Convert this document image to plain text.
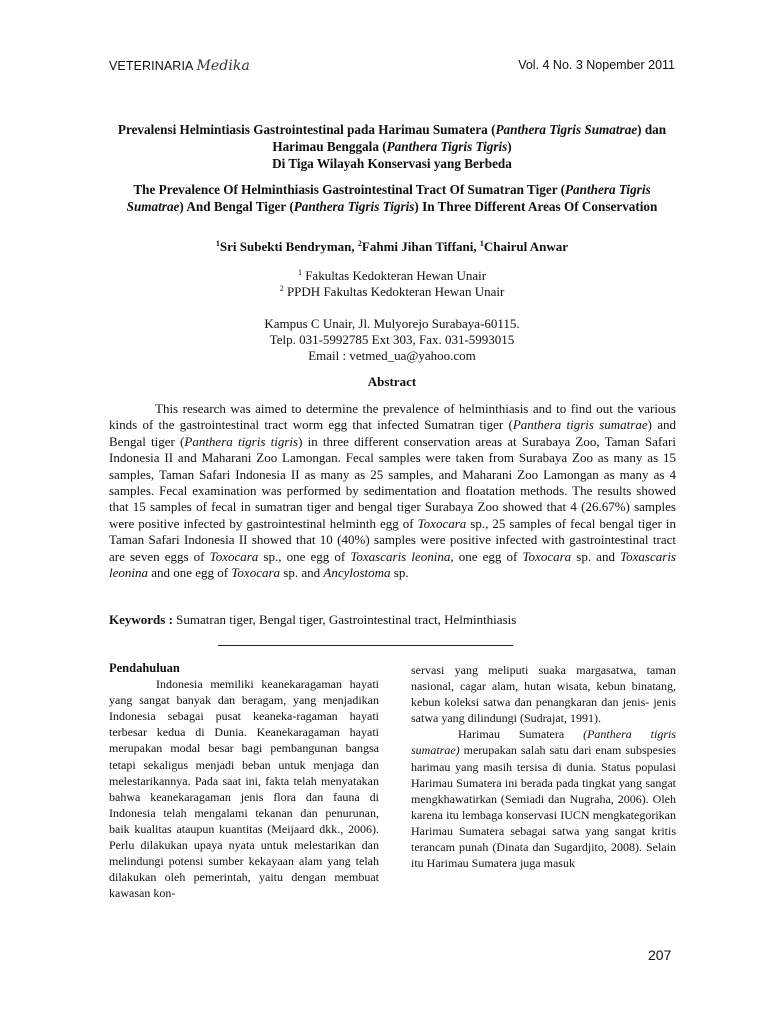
VETERINARIA Medika	Vol. 4 No. 3 Nopember 2011
Prevalensi Helmintiasis Gastrointestinal pada Harimau Sumatera (Panthera Tigris Sumatrae) dan Harimau Benggala (Panthera Tigris Tigris)
Di Tiga Wilayah Konservasi yang Berbeda
The Prevalence Of Helminthiasis Gastrointestinal Tract Of Sumatran Tiger (Panthera Tigris Sumatrae) And Bengal Tiger (Panthera Tigris Tigris) In Three Different Areas Of Conservation
$^1$Sri Subekti Bendryman, $^2$Fahmi Jihan Tiffani, $^1$Chairul Anwar
$^1$ Fakultas Kedokteran Hewan Unair
$^2$ PPDH Fakultas Kedokteran Hewan Unair
Kampus C Unair, Jl. Mulyorejo Surabaya-60115.
Telp. 031-5992785 Ext 303, Fax. 031-5993015
Email : vetmed_ua@yahoo.com
Abstract

This research was aimed to determine the prevalence of helminthiasis and to find out the various kinds of the gastrointestinal tract worm egg that infected Sumatran tiger (Panthera tigris sumatrae) and Bengal tiger (Panthera tigris tigris) in three different conservation areas at Surabaya Zoo, Taman Safari Indonesia II and Maharani Zoo Lamongan. Fecal samples were taken from Surabaya Zoo as many as 15 samples, Taman Safari Indonesia II as many as 25 samples, and Maharani Zoo Lamongan as many as 4 samples. Fecal examination was performed by sedimentation and floatation methods. The results showed that 15 samples of fecal in sumatran tiger and bengal tiger Surabaya Zoo showed that 4 (26.67%) samples were positive infected by gastrointestinal helminth egg of Toxocara sp., 25 samples of fecal bengal tiger in Taman Safari Indonesia II showed that 10 (40%) samples were positive infected with gastrointestinal tract are seven eggs of Toxocara sp., one egg of Toxascaris leonina, one egg of Toxocara sp. and Toxascaris leonina and one egg of Toxocara sp. and Ancylostoma sp.

Keywords : Sumatran tiger, Bengal tiger, Gastrointestinal tract, Helminthiasis

Pendahuluan

Indonesia memiliki keanekaragaman hayati yang sangat banyak dan beragam, yang menjadikan Indonesia sebagai pusat keaneka-ragaman hayati terbesar kedua di Dunia. Keanekaragaman hayati merupakan modal besar bagi pembangunan bangsa tetapi sekaligus menjadi beban untuk menjaga dan melestarikannya. Pada saat ini, fakta telah menyatakan bahwa keanekaragaman jenis flora dan fauna di Indonesia telah mengalami tekanan dan penurunan, baik kualitas ataupun kuantitas (Meijaard dkk., 2006). Perlu dilakukan upaya nyata untuk melestarikan dan melindungi potensi sumber kekayaan alam yang telah dilakukan oleh pemerintah, yaitu dengan membuat kawasan kon-

servasi yang meliputi suaka margasatwa, taman nasional, cagar alam, hutan wisata, kebun binatang, kebun koleksi satwa dan penangkaran dan jenis- jenis satwa yang dilindungi (Sudrajat, 1991).

Harimau Sumatera (Panthera tigris sumatrae) merupakan salah satu dari enam subspesies harimau yang masih tersisa di dunia. Status populasi Harimau Sumatera ini berada pada tingkat yang sangat mengkhawatirkan (Semiadi dan Nugraha, 2006). Oleh karena itu lembaga konservasi IUCN mengkategorikan Harimau Sumatera sebagai satwa yang sangat kritis terancam punah (Dinata dan Sugardjito, 2008). Selain itu Harimau Sumatera juga masuk

207
